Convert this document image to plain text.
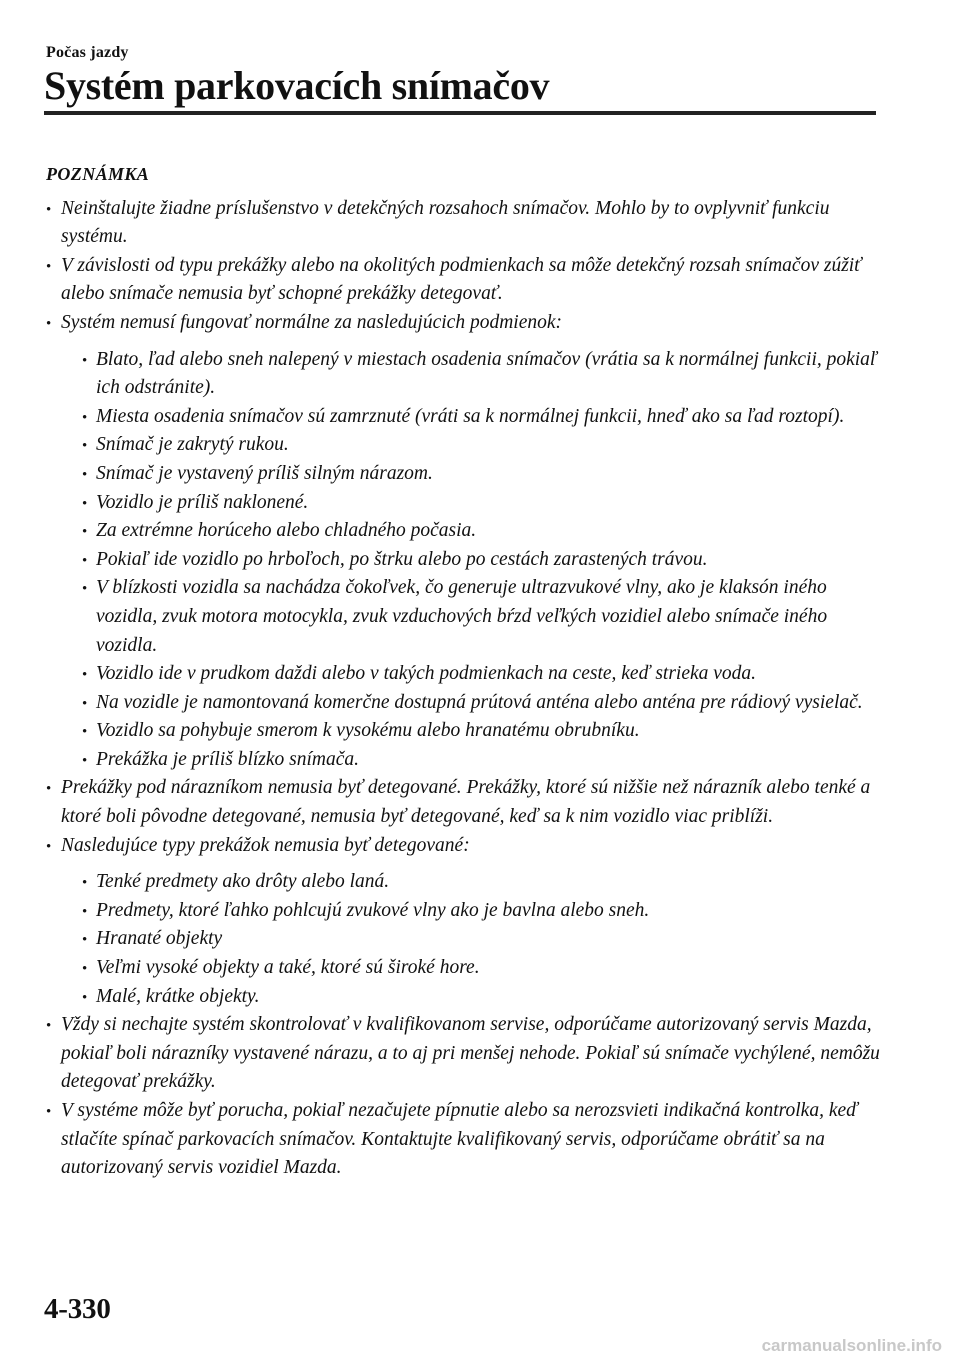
Počas jazdy
Systém parkovacích snímačov
POZNÁMKA
• Neinštalujte žiadne príslušenstvo v detekčných rozsahoch snímačov. Mohlo by to ovplyvniť funkciu systému.
• V závislosti od typu prekážky alebo na okolitých podmienkach sa môže detekčný rozsah snímačov zúžiť alebo snímače nemusia byť schopné prekážky detegovať.
• Systém nemusí fungovať normálne za nasledujúcich podmienok:
• Blato, ľad alebo sneh nalepený v miestach osadenia snímačov (vrátia sa k normálnej funkcii, pokiaľ ich odstránite).
• Miesta osadenia snímačov sú zamrznuté (vráti sa k normálnej funkcii, hneď ako sa ľad roztopí).
• Snímač je zakrytý rukou.
• Snímač je vystavený príliš silným nárazom.
• Vozidlo je príliš naklonené.
• Za extrémne horúceho alebo chladného počasia.
• Pokiaľ ide vozidlo po hrboľoch, po štrku alebo po cestách zarastených trávou.
• V blízkosti vozidla sa nachádza čokoľvek, čo generuje ultrazvukové vlny, ako je klaksón iného vozidla, zvuk motora motocykla, zvuk vzduchových bŕzd veľkých vozidiel alebo snímače iného vozidla.
• Vozidlo ide v prudkom daždi alebo v takých podmienkach na ceste, keď strieka voda.
• Na vozidle je namontovaná komerčne dostupná prútová anténa alebo anténa pre rádiový vysielač.
• Vozidlo sa pohybuje smerom k vysokému alebo hranatému obrubníku.
• Prekážka je príliš blízko snímača.
• Prekážky pod nárazníkom nemusia byť detegované. Prekážky, ktoré sú nižšie než nárazník alebo tenké a ktoré boli pôvodne detegované, nemusia byť detegované, keď sa k nim vozidlo viac priblíži.
• Nasledujúce typy prekážok nemusia byť detegované:
• Tenké predmety ako drôty alebo laná.
• Predmety, ktoré ľahko pohlcujú zvukové vlny ako je bavlna alebo sneh.
• Hranaté objekty
• Veľmi vysoké objekty a také, ktoré sú široké hore.
• Malé, krátke objekty.
• Vždy si nechajte systém skontrolovať v kvalifikovanom servise, odporúčame autorizovaný servis Mazda, pokiaľ boli nárazníky vystavené nárazu, a to aj pri menšej nehode. Pokiaľ sú snímače vychýlené, nemôžu detegovať prekážky.
• V systéme môže byť porucha, pokiaľ nezačujete pípnutie alebo sa nerozsvieti indikačná kontrolka, keď stlačíte spínač parkovacích snímačov. Kontaktujte kvalifikovaný servis, odporúčame obrátiť sa na autorizovaný servis vozidiel Mazda.
4-330
carmanualsonline.info
